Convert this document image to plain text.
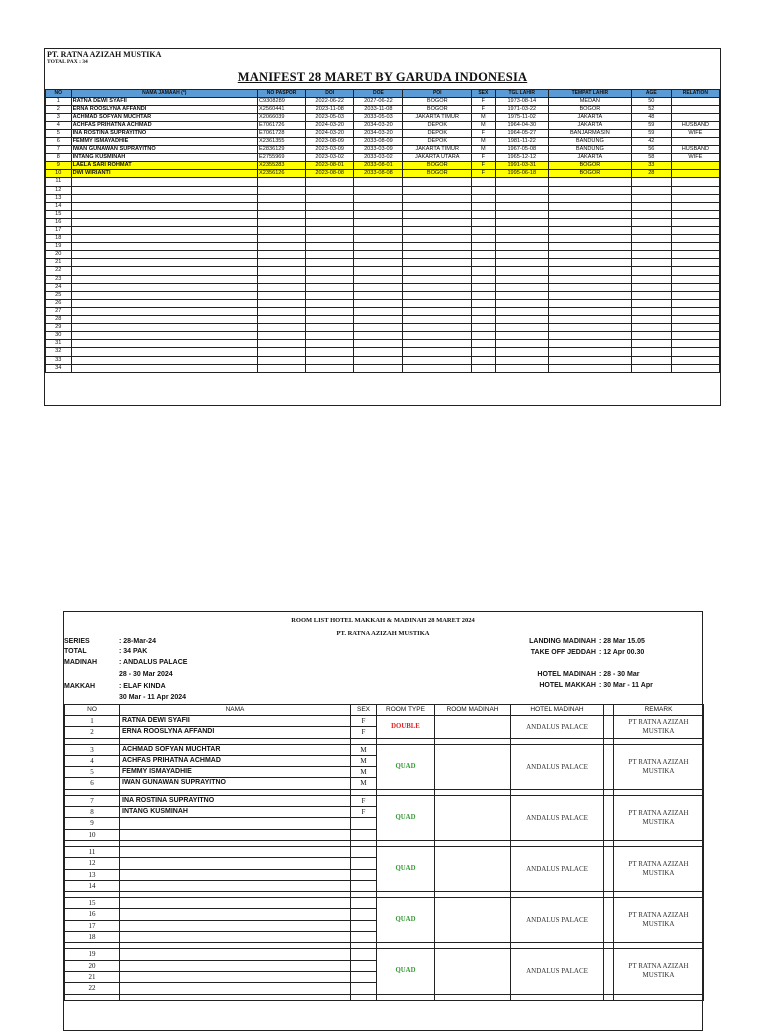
PT. RATNA AZIZAH MUSTIKA
TOTAL PAX : 34
MANIFEST 28 MARET BY GARUDA INDONESIA
NO	NAMA JAMAAH (*)	NO PASPOR	DOI	DOE	POI	SEX	TGL LAHIR	TEMPAT LAHIR	AGE	RELATION
1	RATNA DEWI SYAFII	C9308289	2022-06-22	2027-06-22	BOGOR	F	1973-08-14	MEDAN	50	
2	ERNA ROOSLYNA AFFANDI	X2560441	2023-11-08	2033-11-08	BOGOR	F	1971-03-22	BOGOR	52	
3	ACHMAD SOFYAN MUCHTAR	X2066039	2023-05-03	2033-05-03	JAKARTA TIMUR	M	1975-11-02	JAKARTA	48	
4	ACHFAS PRIHATNA ACHMAD	E7061726	2024-03-20	2034-03-20	DEPOK	M	1964-04-30	JAKARTA	59	HUSBAND
5	INA ROSTINA SUPRAYITNO	E7061728	2024-03-20	2034-03-20	DEPOK	F	1964-05-27	BANJARMASIN	59	WIFE
6	FEMMY ISMAYADHIE	X2361355	2023-08-09	2033-08-09	DEPOK	M	1981-11-22	BANDUNG	42	
7	IWAN GUNAWAN SUPRAYITNO	E2836129	2023-03-09	2033-03-09	JAKARTA TIMUR	M	1967-05-08	BANDUNG	56	HUSBAND
8	INTANG KUSMINAH	E2755969	2023-03-02	2033-03-02	JAKARTA UTARA	F	1965-12-12	JAKARTA	58	WIFE
9	LAELA SARI ROHMAT	X2355283	2023-08-01	2033-08-01	BOGOR	F	1991-03-31	BOGOR	33	
10	DWI WIRIANTI	X2356126	2023-08-08	2033-08-08	BOGOR	F	1995-06-18	BOGOR	28	
11										
12										
13										
14										
15										
16										
17										
18										
19										
20										
21										
22										
23										
24										
25										
26										
27										
28										
29										
30										
31										
32										
33										
34										
ROOM LIST HOTEL MAKKAH & MADINAH 28 MARET 2024
PT. RATNA AZIZAH MUSTIKA
SERIES	: 28-Mar-24
TOTAL	: 34 PAK
MADINAH	: ANDALUS PALACE
28 - 30 Mar 2024
MAKKAH	: ELAF KINDA
30 Mar - 11 Apr 2024
LANDING MADINAH : 28 Mar 15.05
TAKE OFF JEDDAH : 12 Apr 00.30
HOTEL MADINAH : 28 - 30 Mar
HOTEL MAKKAH : 30 Mar - 11 Apr
NO	NAMA	SEX	ROOM TYPE	ROOM MADINAH	HOTEL MADINAH		REMARK
1	RATNA DEWI SYAFII	F	DOUBLE		ANDALUS PALACE		PT RATNA AZIZAH MUSTIKA
2	ERNA ROOSLYNA AFFANDI	F					

3	ACHMAD SOFYAN MUCHTAR	M	QUAD		ANDALUS PALACE		PT RATNA AZIZAH MUSTIKA
4	ACHFAS PRIHATNA ACHMAD	M					
5	FEMMY ISMAYADHIE	M					
6	IWAN GUNAWAN SUPRAYITNO	M					

7	INA ROSTINA SUPRAYITNO	F	QUAD		ANDALUS PALACE		PT RATNA AZIZAH MUSTIKA
8	INTANG KUSMINAH	F					
9							
10							

11			QUAD		ANDALUS PALACE		PT RATNA AZIZAH MUSTIKA
12							
13							
14							

15			QUAD		ANDALUS PALACE		PT RATNA AZIZAH MUSTIKA
16							
17							
18							

19			QUAD		ANDALUS PALACE		PT RATNA AZIZAH MUSTIKA
20							
21							
22							
